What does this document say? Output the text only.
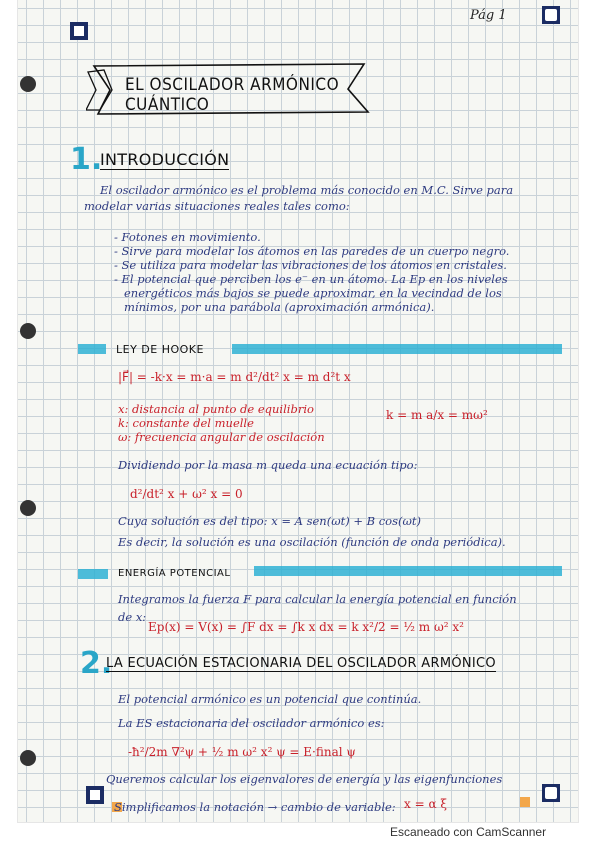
Pág 1
EL OSCILADOR ARMÓNICO CUÁNTICO
1.
INTRODUCCIÓN
El oscilador armónico es el problema más conocido en M.C. Sirve para
modelar varias situaciones reales tales como:
- Fotones en movimiento.
- Sirve para modelar los átomos en las paredes de un cuerpo negro.
- Se utiliza para modelar las vibraciones de los átomos en cristales.
- El potencial que perciben los e⁻ en un átomo. La Ep en los niveles
energéticos más bajos se puede aproximar, en la vecindad de los
mínimos, por una parábola (aproximación armónica).
LEY DE HOOKE
|F⃗| = -k·x = m·a = m d²/dt² x = m d²t x
x: distancia al punto de equilibrio
k: constante del muelle
ω: frecuencia angular de oscilación
k = m a/x = mω²
Dividiendo por la masa m queda una ecuación tipo:
d²/dt² x + ω² x = 0
Cuya solución es del tipo: x = A sen(ωt) + B cos(ωt)
Es decir, la solución es una oscilación (función de onda periódica).
ENERGÍA POTENCIAL
Integramos la fuerza F para calcular la energía potencial en función
de x:
Ep(x) = V(x) = ∫F dx = ∫k x dx = k x²/2 = ½ m ω² x²
2.
LA ECUACIÓN ESTACIONARIA DEL OSCILADOR ARMÓNICO
El potencial armónico es un potencial que continúa.
La ES estacionaria del oscilador armónico es:
-ħ²/2m ∇²ψ + ½ m ω² x² ψ = E·final ψ
Queremos calcular los eigenvalores de energía y las eigenfunciones
Simplificamos la notación → cambio de variable: x = α ξ
Escaneado con CamScanner
